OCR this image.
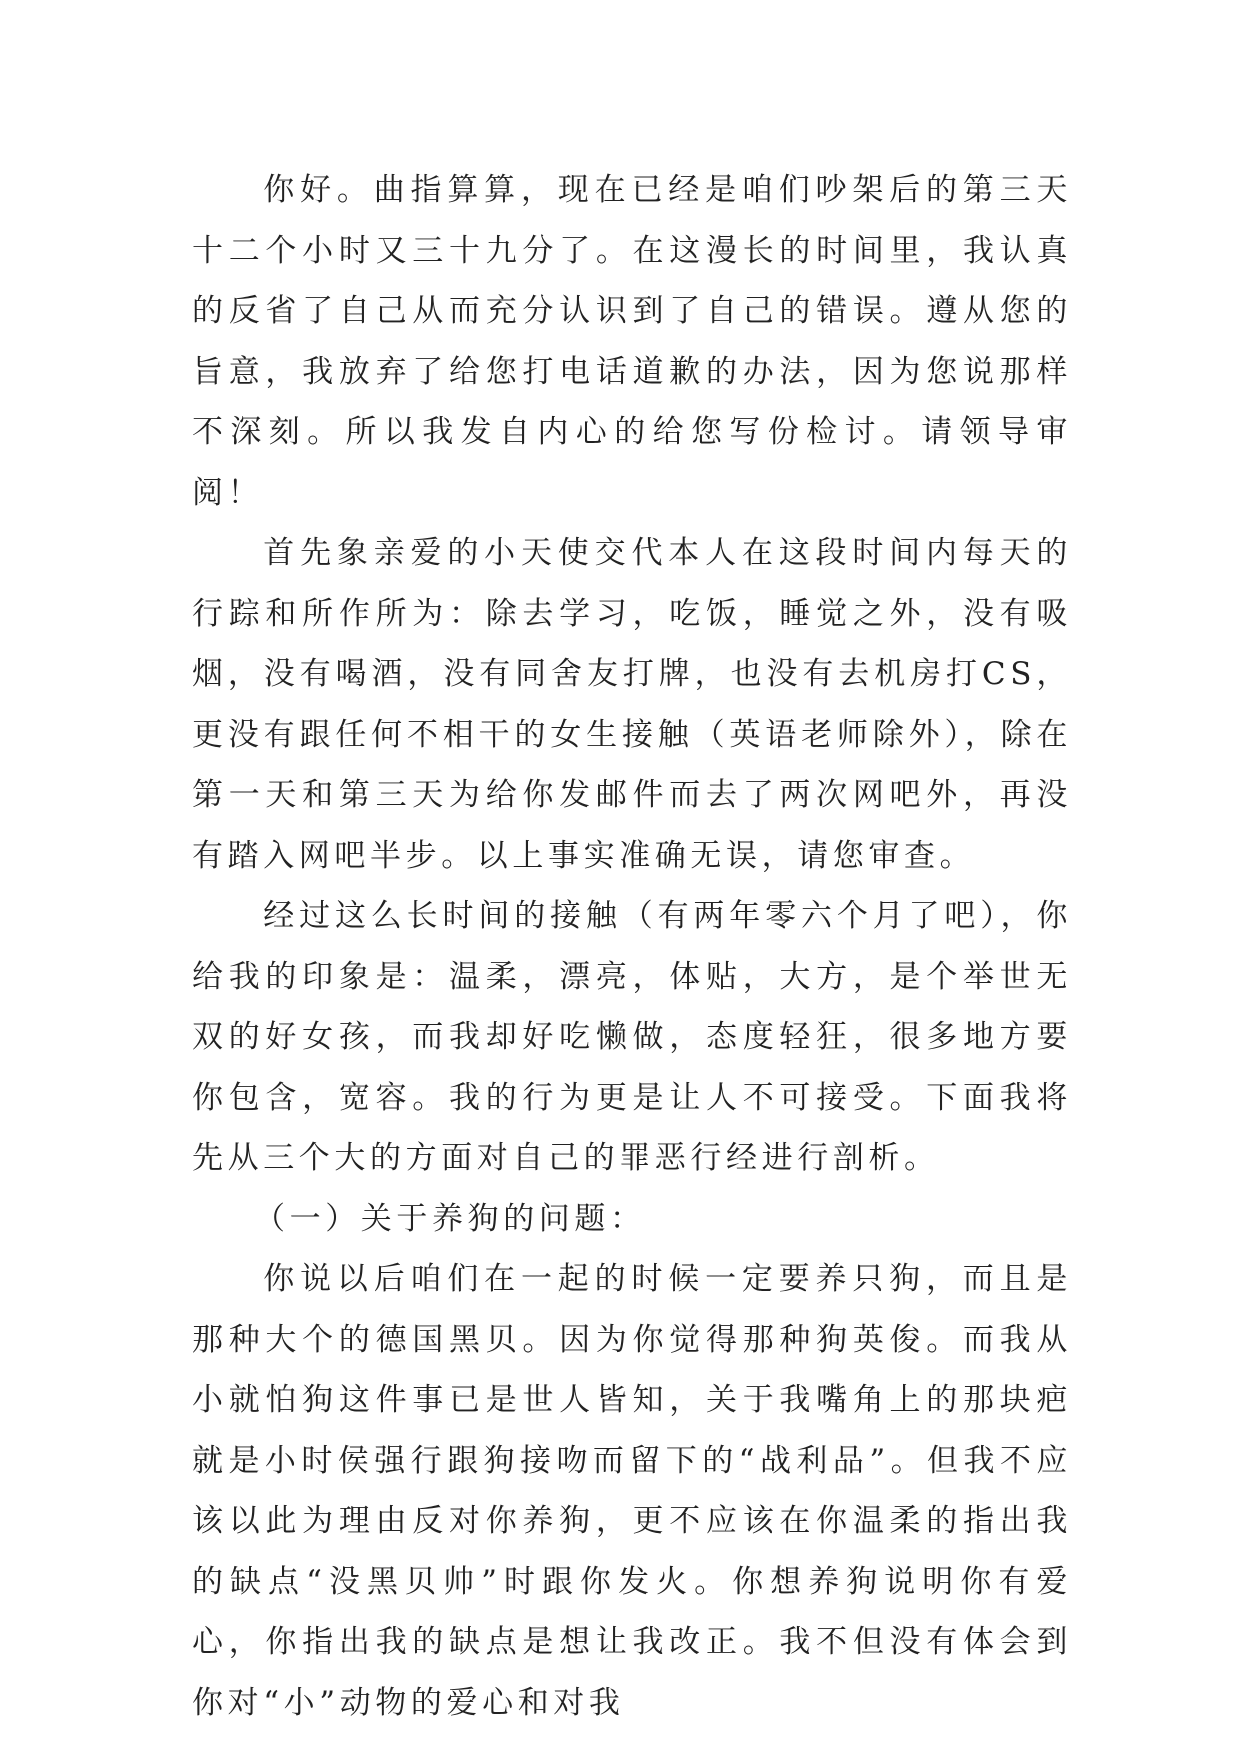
你好。曲指算算，现在已经是咱们吵架后的第三天十二个小时又三十九分了。在这漫长的时间里，我认真的反省了自己从而充分认识到了自己的错误。遵从您的旨意，我放弃了给您打电话道歉的办法，因为您说那样不深刻。所以我发自内心的给您写份检讨。请领导审阅！

首先象亲爱的小天使交代本人在这段时间内每天的行踪和所作所为：除去学习，吃饭，睡觉之外，没有吸烟，没有喝酒，没有同舍友打牌，也没有去机房打CS，更没有跟任何不相干的女生接触（英语老师除外），除在第一天和第三天为给你发邮件而去了两次网吧外，再没有踏入网吧半步。以上事实准确无误，请您审查。

经过这么长时间的接触（有两年零六个月了吧），你给我的印象是：温柔，漂亮，体贴，大方，是个举世无双的好女孩，而我却好吃懒做，态度轻狂，很多地方要你包含，宽容。我的行为更是让人不可接受。下面我将先从三个大的方面对自己的罪恶行经进行剖析。

（一）关于养狗的问题：

你说以后咱们在一起的时候一定要养只狗，而且是那种大个的德国黑贝。因为你觉得那种狗英俊。而我从小就怕狗这件事已是世人皆知，关于我嘴角上的那块疤就是小时侯强行跟狗接吻而留下的“战利品”。但我不应该以此为理由反对你养狗，更不应该在你温柔的指出我的缺点“没黑贝帅”时跟你发火。你想养狗说明你有爱心，你指出我的缺点是想让我改正。我不但没有体会到你对“小”动物的爱心和对我
